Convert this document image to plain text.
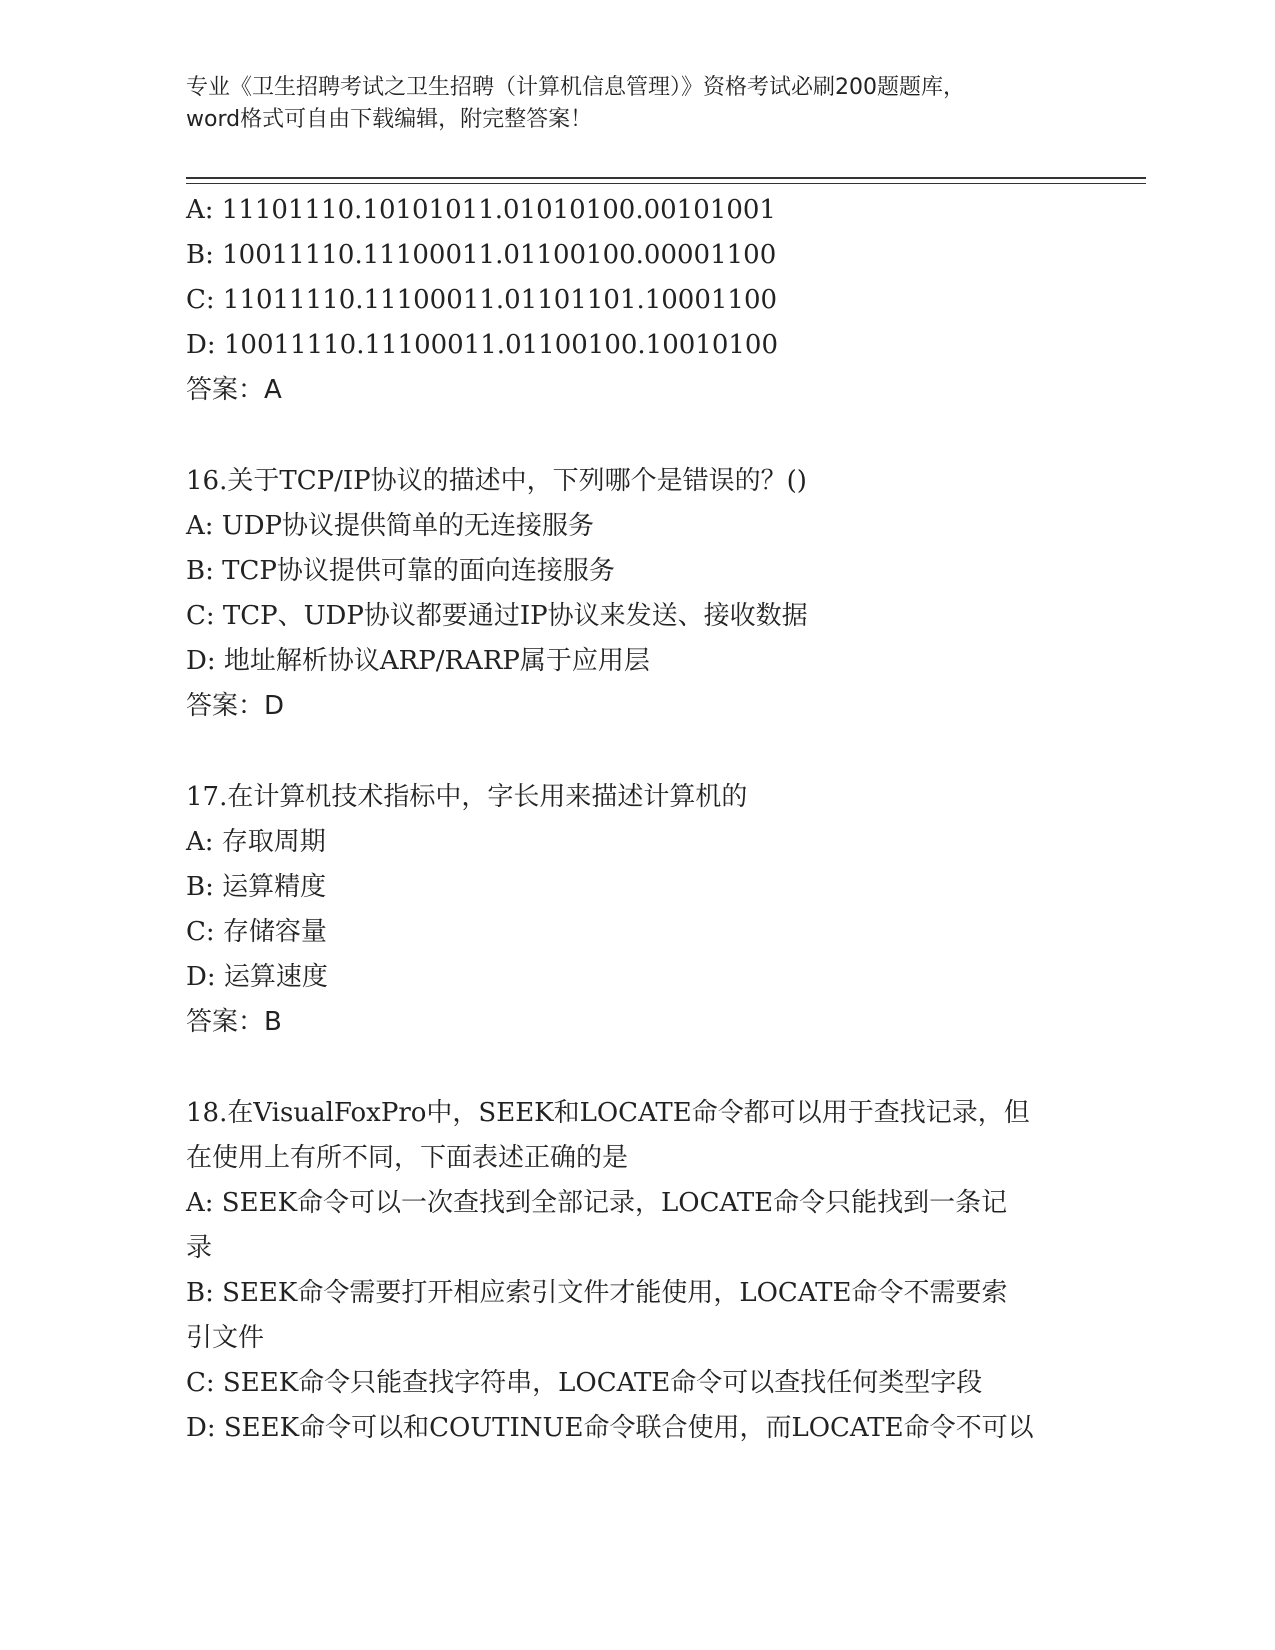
专业《卫生招聘考试之卫生招聘（计算机信息管理）》资格考试必刷200题题库，
word格式可自由下载编辑，附完整答案！
A: 11101110.10101011.01010100.00101001
B: 10011110.11100011.01100100.00001100
C: 11011110.11100011.01101101.10001100
D: 10011110.11100011.01100100.10010100
答案：A
16.关于TCP/IP协议的描述中，下列哪个是错误的？()
A: UDP协议提供简单的无连接服务
B: TCP协议提供可靠的面向连接服务
C: TCP、UDP协议都要通过IP协议来发送、接收数据
D: 地址解析协议ARP/RARP属于应用层
答案：D
17.在计算机技术指标中，字长用来描述计算机的
A: 存取周期
B: 运算精度
C: 存储容量
D: 运算速度
答案：B
18.在VisualFoxPro中，SEEK和LOCATE命令都可以用于查找记录，但
在使用上有所不同，下面表述正确的是
A: SEEK命令可以一次查找到全部记录，LOCATE命令只能找到一条记
录
B: SEEK命令需要打开相应索引文件才能使用，LOCATE命令不需要索
引文件
C: SEEK命令只能查找字符串，LOCATE命令可以查找任何类型字段
D: SEEK命令可以和COUTINUE命令联合使用，而LOCATE命令不可以
